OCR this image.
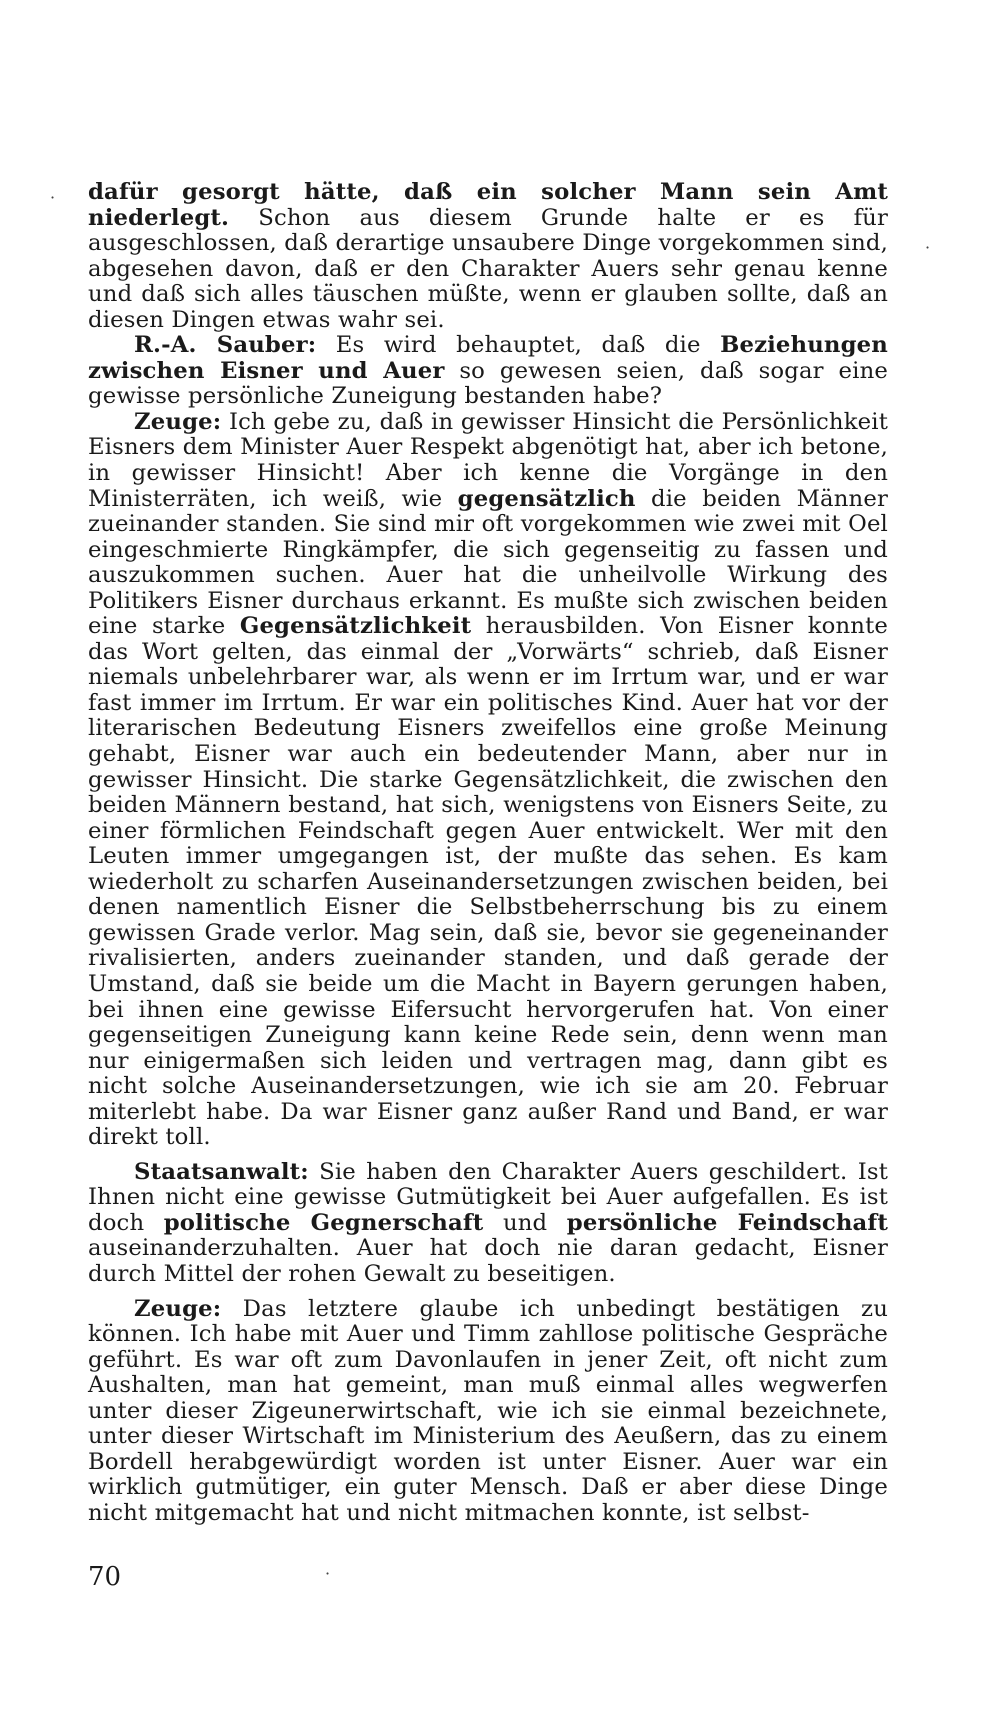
dafür gesorgt hätte, daß ein solcher Mann sein Amt niederlegt. Schon aus diesem Grunde halte er es für ausgeschlossen, daß derartige unsaubere Dinge vorgekommen sind, abgesehen davon, daß er den Charakter Auers sehr genau kenne und daß sich alles täuschen müßte, wenn er glauben sollte, daß an diesen Dingen etwas wahr sei.

R.-A. Sauber: Es wird behauptet, daß die Beziehungen zwischen Eisner und Auer so gewesen seien, daß sogar eine gewisse persönliche Zuneigung bestanden habe?

Zeuge: Ich gebe zu, daß in gewisser Hinsicht die Persönlichkeit Eisners dem Minister Auer Respekt abgenötigt hat, aber ich betone, in gewisser Hinsicht! Aber ich kenne die Vorgänge in den Ministerräten, ich weiß, wie gegensätzlich die beiden Männer zueinander standen. Sie sind mir oft vorgekommen wie zwei mit Oel eingeschmierte Ringkämpfer, die sich gegenseitig zu fassen und auszukommen suchen. Auer hat die unheilvolle Wirkung des Politikers Eisner durchaus erkannt. Es mußte sich zwischen beiden eine starke Gegensätzlichkeit herausbilden. Von Eisner konnte das Wort gelten, das einmal der „Vorwärts“ schrieb, daß Eisner niemals unbelehrbarer war, als wenn er im Irrtum war, und er war fast immer im Irrtum. Er war ein politisches Kind. Auer hat vor der literarischen Bedeutung Eisners zweifellos eine große Meinung gehabt, Eisner war auch ein bedeutender Mann, aber nur in gewisser Hinsicht. Die starke Gegensätzlichkeit, die zwischen den beiden Männern bestand, hat sich, wenigstens von Eisners Seite, zu einer förmlichen Feindschaft gegen Auer entwickelt. Wer mit den Leuten immer umgegangen ist, der mußte das sehen. Es kam wiederholt zu scharfen Auseinandersetzungen zwischen beiden, bei denen namentlich Eisner die Selbstbeherrschung bis zu einem gewissen Grade verlor. Mag sein, daß sie, bevor sie gegeneinander rivalisierten, anders zueinander standen, und daß gerade der Umstand, daß sie beide um die Macht in Bayern gerungen haben, bei ihnen eine gewisse Eifersucht hervorgerufen hat. Von einer gegenseitigen Zuneigung kann keine Rede sein, denn wenn man nur einigermaßen sich leiden und vertragen mag, dann gibt es nicht solche Auseinandersetzungen, wie ich sie am 20. Februar miterlebt habe. Da war Eisner ganz außer Rand und Band, er war direkt toll.

Staatsanwalt: Sie haben den Charakter Auers geschildert. Ist Ihnen nicht eine gewisse Gutmütigkeit bei Auer aufgefallen. Es ist doch politische Gegnerschaft und persönliche Feindschaft auseinanderzuhalten. Auer hat doch nie daran gedacht, Eisner durch Mittel der rohen Gewalt zu beseitigen.

Zeuge: Das letztere glaube ich unbedingt bestätigen zu können. Ich habe mit Auer und Timm zahllose politische Gespräche geführt. Es war oft zum Davonlaufen in jener Zeit, oft nicht zum Aushalten, man hat gemeint, man muß einmal alles wegwerfen unter dieser Zigeunerwirtschaft, wie ich sie einmal bezeichnete, unter dieser Wirtschaft im Ministerium des Aeußern, das zu einem Bordell herabgewürdigt worden ist unter Eisner. Auer war ein wirklich gutmütiger, ein guter Mensch. Daß er aber diese Dinge nicht mitgemacht hat und nicht mitmachen konnte, ist selbst-

70
·
·
·
